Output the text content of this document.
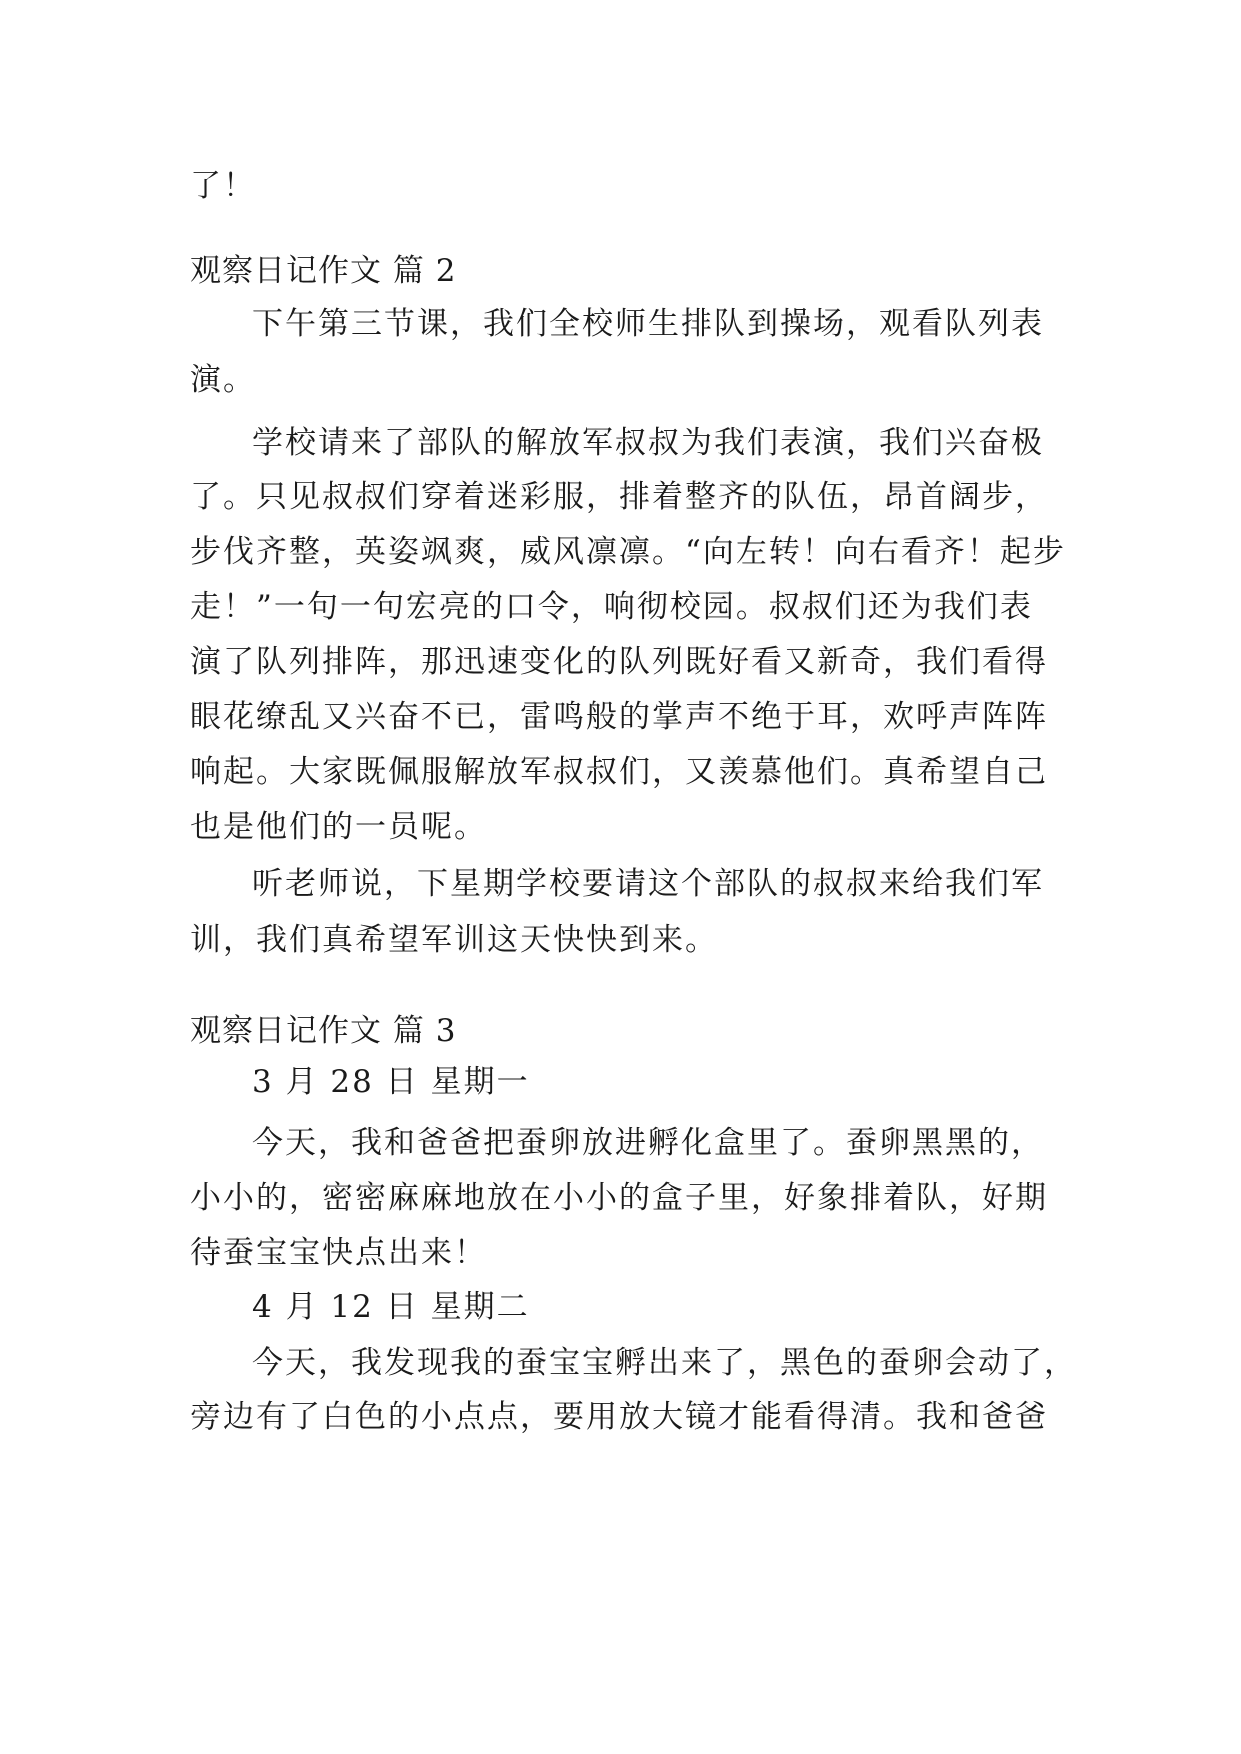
了！
观察日记作文 篇 2
下午第三节课，我们全校师生排队到操场，观看队列表
演。
学校请来了部队的解放军叔叔为我们表演，我们兴奋极
了。只见叔叔们穿着迷彩服，排着整齐的队伍，昂首阔步，
步伐齐整，英姿飒爽，威风凛凛。“向左转！向右看齐！起步
走！”一句一句宏亮的口令，响彻校园。叔叔们还为我们表
演了队列排阵，那迅速变化的队列既好看又新奇，我们看得
眼花缭乱又兴奋不已，雷鸣般的掌声不绝于耳，欢呼声阵阵
响起。大家既佩服解放军叔叔们，又羡慕他们。真希望自己
也是他们的一员呢。
听老师说，下星期学校要请这个部队的叔叔来给我们军
训，我们真希望军训这天快快到来。
观察日记作文 篇 3
3 月 28 日 星期一
今天，我和爸爸把蚕卵放进孵化盒里了。蚕卵黑黑的，
小小的，密密麻麻地放在小小的盒子里，好象排着队，好期
待蚕宝宝快点出来！
4 月 12 日 星期二
今天，我发现我的蚕宝宝孵出来了，黑色的蚕卵会动了，
旁边有了白色的小点点，要用放大镜才能看得清。我和爸爸
